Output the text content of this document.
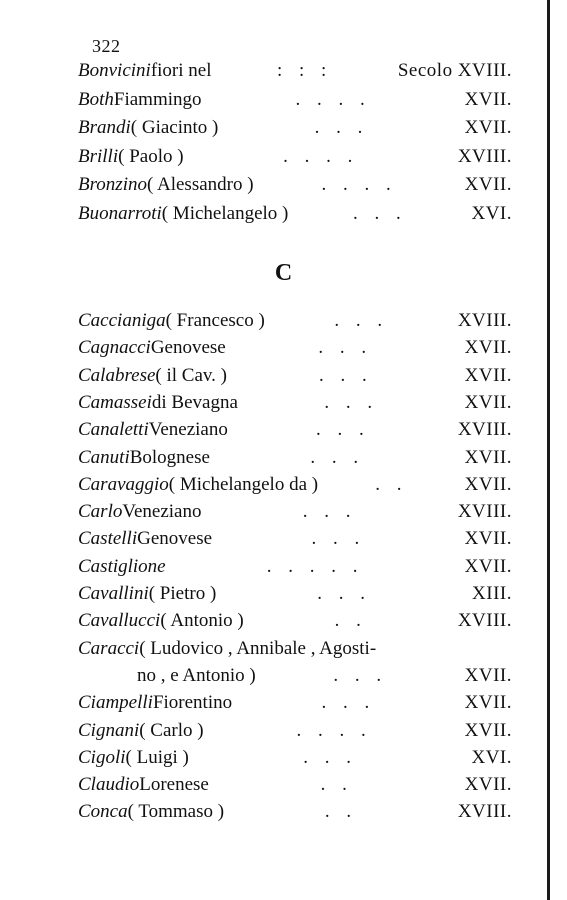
322
Bonvicini fiori nel	: : :	Secolo XVIII.
Both Fiammingo	. . . .	XVII.
Brandi ( Giacinto )	. . .	XVII.
Brilli ( Paolo )	. . . .	XVIII.
Bronzino ( Alessandro )	. . . .	XVII.
Buonarroti ( Michelangelo )	. . .	XVI.
Caccianiga ( Francesco )	. . .	XVIII.
Cagnacci Genovese	. . .	XVII.
Calabrese ( il Cav. )	. . .	XVII.
Camassei di Bevagna	. . .	XVII.
Canaletti Veneziano	. . .	XVIII.
Canuti Bolognese	. . .	XVII.
Caravaggio ( Michelangelo da )	. .	XVII.
Carlo Veneziano	. . .	XVIII.
Castelli Genovese	. . .	XVII.
Castiglione	. . . . .	XVII.
Cavallini ( Pietro )	. . .	XIII.
Cavallucci ( Antonio )	. .	XVIII.
Caracci ( Ludovico , Annibale , Agosti-
no , e Antonio )	. . .	XVII.
Ciampelli Fiorentino	. . .	XVII.
Cignani ( Carlo )	. . . .	XVII.
Cigoli ( Luigi )	. . .	XVI.
Claudio Lorenese	. .	XVII.
Conca ( Tommaso )	. .	XVIII.
C
